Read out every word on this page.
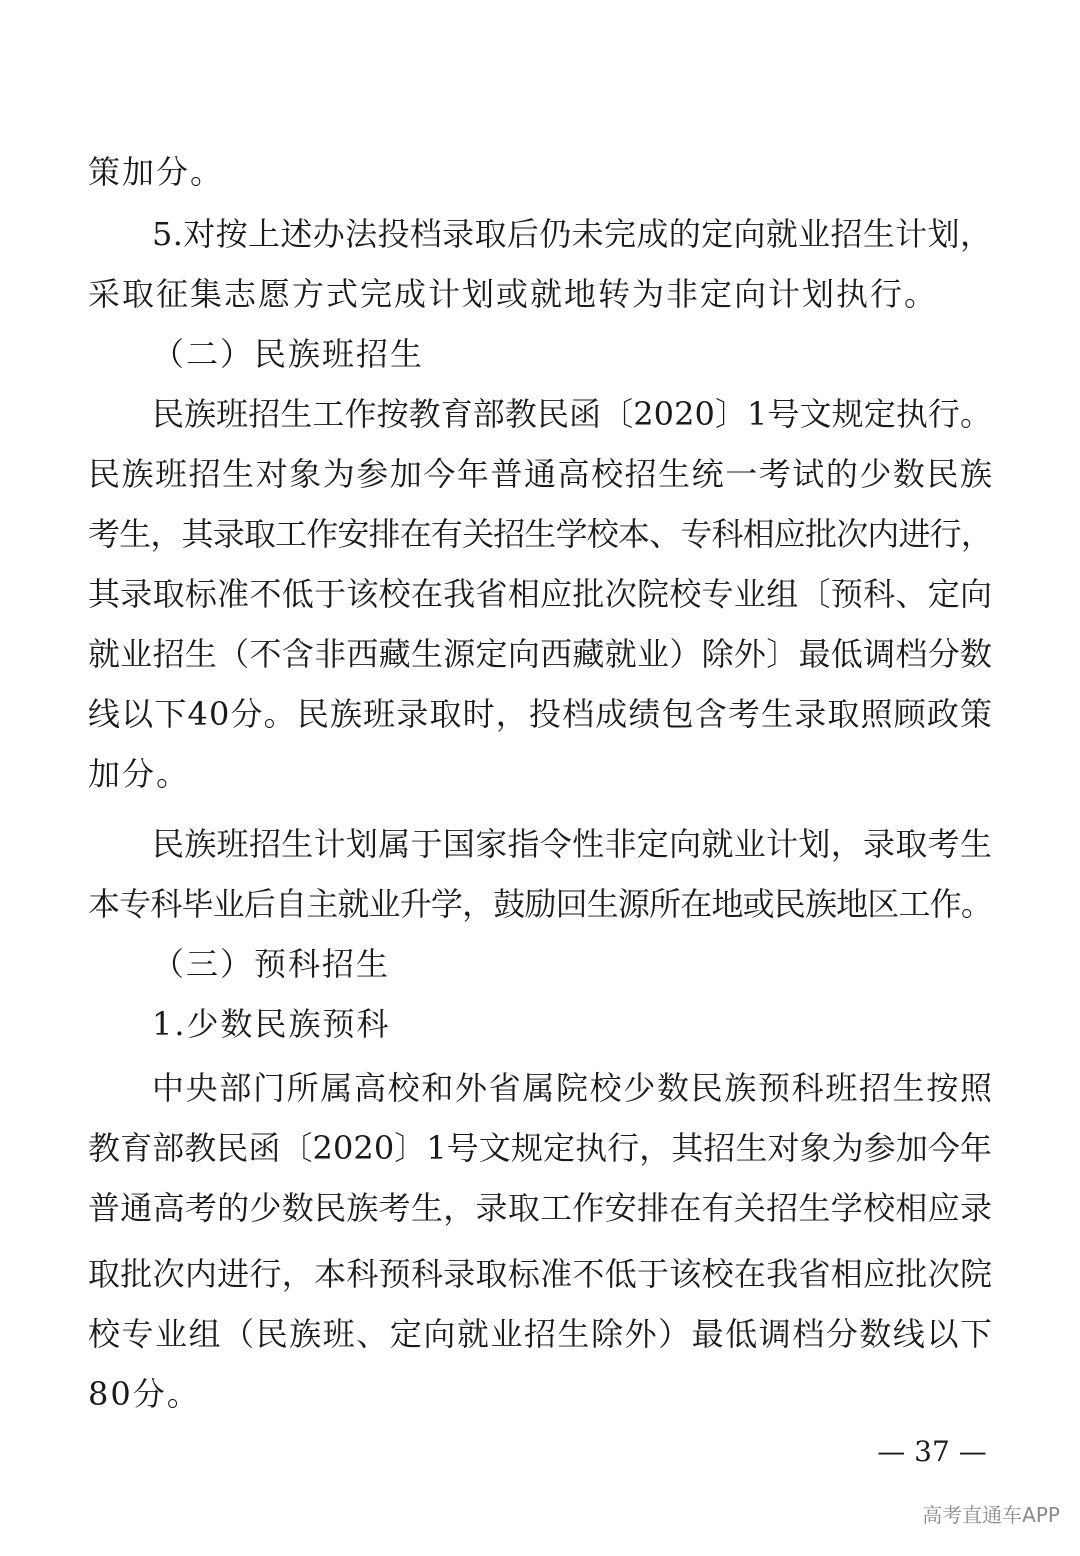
策加分。
5.对按上述办法投档录取后仍未完成的定向就业招生计划，
采取征集志愿方式完成计划或就地转为非定向计划执行。
（二）民族班招生
民族班招生工作按教育部教民函〔2020〕1号文规定执行。
民族班招生对象为参加今年普通高校招生统一考试的少数民族
考生，其录取工作安排在有关招生学校本、专科相应批次内进行，
其录取标准不低于该校在我省相应批次院校专业组〔预科、定向
就业招生（不含非西藏生源定向西藏就业）除外〕最低调档分数
线以下40分。民族班录取时，投档成绩包含考生录取照顾政策
加分。
民族班招生计划属于国家指令性非定向就业计划，录取考生
本专科毕业后自主就业升学，鼓励回生源所在地或民族地区工作。
（三）预科招生
1.少数民族预科
中央部门所属高校和外省属院校少数民族预科班招生按照
教育部教民函〔2020〕1号文规定执行，其招生对象为参加今年
普通高考的少数民族考生，录取工作安排在有关招生学校相应录
取批次内进行，本科预科录取标准不低于该校在我省相应批次院
校专业组（民族班、定向就业招生除外）最低调档分数线以下
80分。
— 37 —
高考直通车APP
